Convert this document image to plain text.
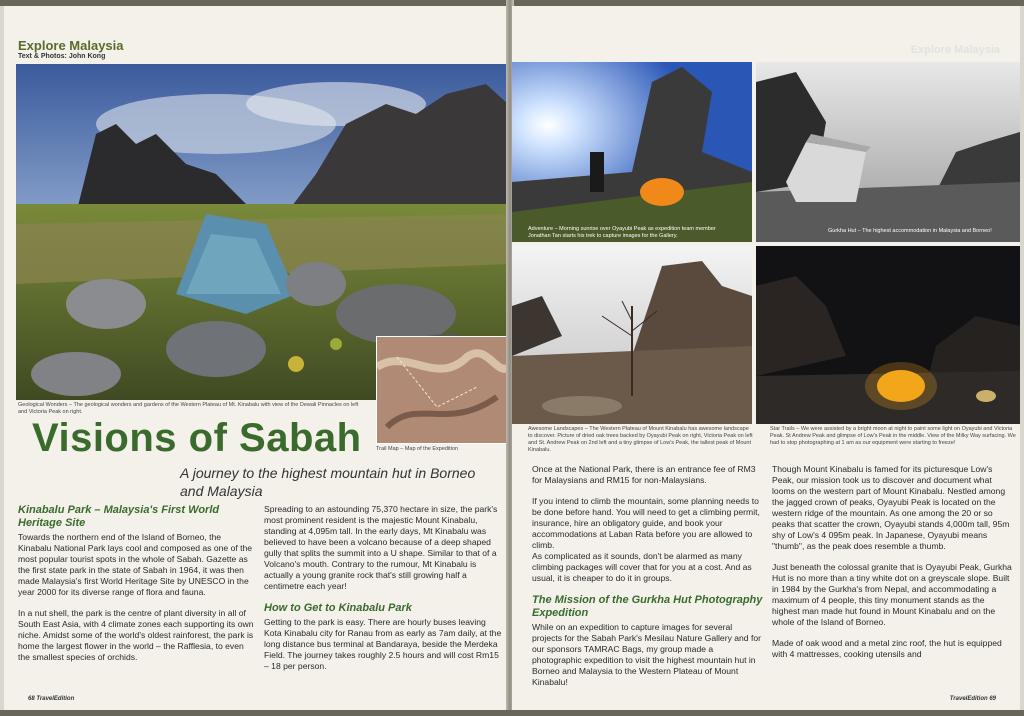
Explore Malaysia
Text & Photos: John Kong
Geological Wonders – The geological wonders and gardens of the Western Plateau of Mt. Kinabalu with view of the Dewali Pinnacles on left and Victoria Peak on right.
Trail Map – Map of the Expedition
Visions of Sabah
A journey to the highest mountain hut in Borneo and Malaysia
Kinabalu Park – Malaysia's First World Heritage Site

Towards the northern end of the Island of Borneo, the Kinabalu National Park lays cool and composed as one of the most popular tourist spots in the whole of Sabah. Gazette as the first state park in the state of Sabah in 1964, it was then made Malaysia's first World Heritage Site by UNESCO in the year 2000 for its diverse range of flora and fauna.

In a nut shell, the park is the centre of plant diversity in all of South East Asia, with 4 climate zones each supporting its own niche. Amidst some of the world's oldest rainforest, the park is home the largest flower in the world – the Rafflesia, to even the smallest species of orchids.

Spreading to an astounding 75,370 hectare in size, the park's most prominent resident is the majestic Mount Kinabalu, standing at 4,095m tall. In the early days, Mt Kinabalu was believed to have been a volcano because of a deep shaped gully that splits the summit into a U shape. Similar to that of a Volcano's mouth. Contrary to the rumour, Mt Kinabalu is actually a young granite rock that's still growing half a centimetre each year!

How to Get to Kinabalu Park

Getting to the park is easy. There are hourly buses leaving Kota Kinabalu city for Ranau from as early as 7am daily, at the long distance bus terminal at Bandaraya, beside the Merdeka Field. The journey takes roughly 2.5 hours and will cost Rm15 – 18 per person.

68 TravelEdition
Explore Malaysia
Adventure – Morning sunrise over Oyayubi Peak as expedition team member Jonathan Tan starts his trek to capture images for the Gallery.
Gurkha Hut – The highest accommodation in Malaysia and Borneo!
Awesome Landscapes – The Western Plateau of Mount Kinabalu has awesome landscape to discover. Picture of dried oak trees backed by Oyayubi Peak on right, Victoria Peak on left and St. Andrew Peak on 2nd left and a tiny glimpse of Low's Peak, the tallest peak of Mount Kinabalu.
Star Trails – We were assisted by a bright moon at night to paint some light on Oyayubi and Victoria Peak. St Andrew Peak and glimpse of Low's Peak in the middle. View of the Milky Way surfacing. We had to stop photographing at 1 am as our equipment were starting to freeze!

Once at the National Park, there is an entrance fee of RM3 for Malaysians and RM15 for non-Malaysians.

If you intend to climb the mountain, some planning needs to be done before hand. You will need to get a climbing permit, insurance, hire an obligatory guide, and book your accommodations at Laban Rata before you are allowed to climb.

As complicated as it sounds, don't be alarmed as many climbing packages will cover that for you at a cost. And as usual, it is cheaper to do it in groups.

The Mission of the Gurkha Hut Photography Expedition

While on an expedition to capture images for several projects for the Sabah Park's Mesilau Nature Gallery and for our sponsors TAMRAC Bags, my group made a photographic expedition to visit the highest mountain hut in Borneo and Malaysia to the Western Plateau of Mount Kinabalu!

Though Mount Kinabalu is famed for its picturesque Low's Peak, our mission took us to discover and document what looms on the western part of Mount Kinabalu. Nestled among the jagged crown of peaks, Oyayubi Peak is located on the western ridge of the mountain. As one among the 20 or so peaks that scatter the crown, Oyayubi stands 4,000m tall, 95m shy of Low's 4 095m peak. In Japanese, Oyayubi means "thumb", as the peak does resemble a thumb.

Just beneath the colossal granite that is Oyayubi Peak, Gurkha Hut is no more than a tiny white dot on a greyscale slope. Built in 1984 by the Gurkha's from Nepal, and accommodating a maximum of 4 people, this tiny monument stands as the highest man made hut found in Mount Kinabalu and on the whole of the Island of Borneo.

Made of oak wood and a metal zinc roof, the hut is equipped with 4 mattresses, cooking utensils and

TravelEdition 69
